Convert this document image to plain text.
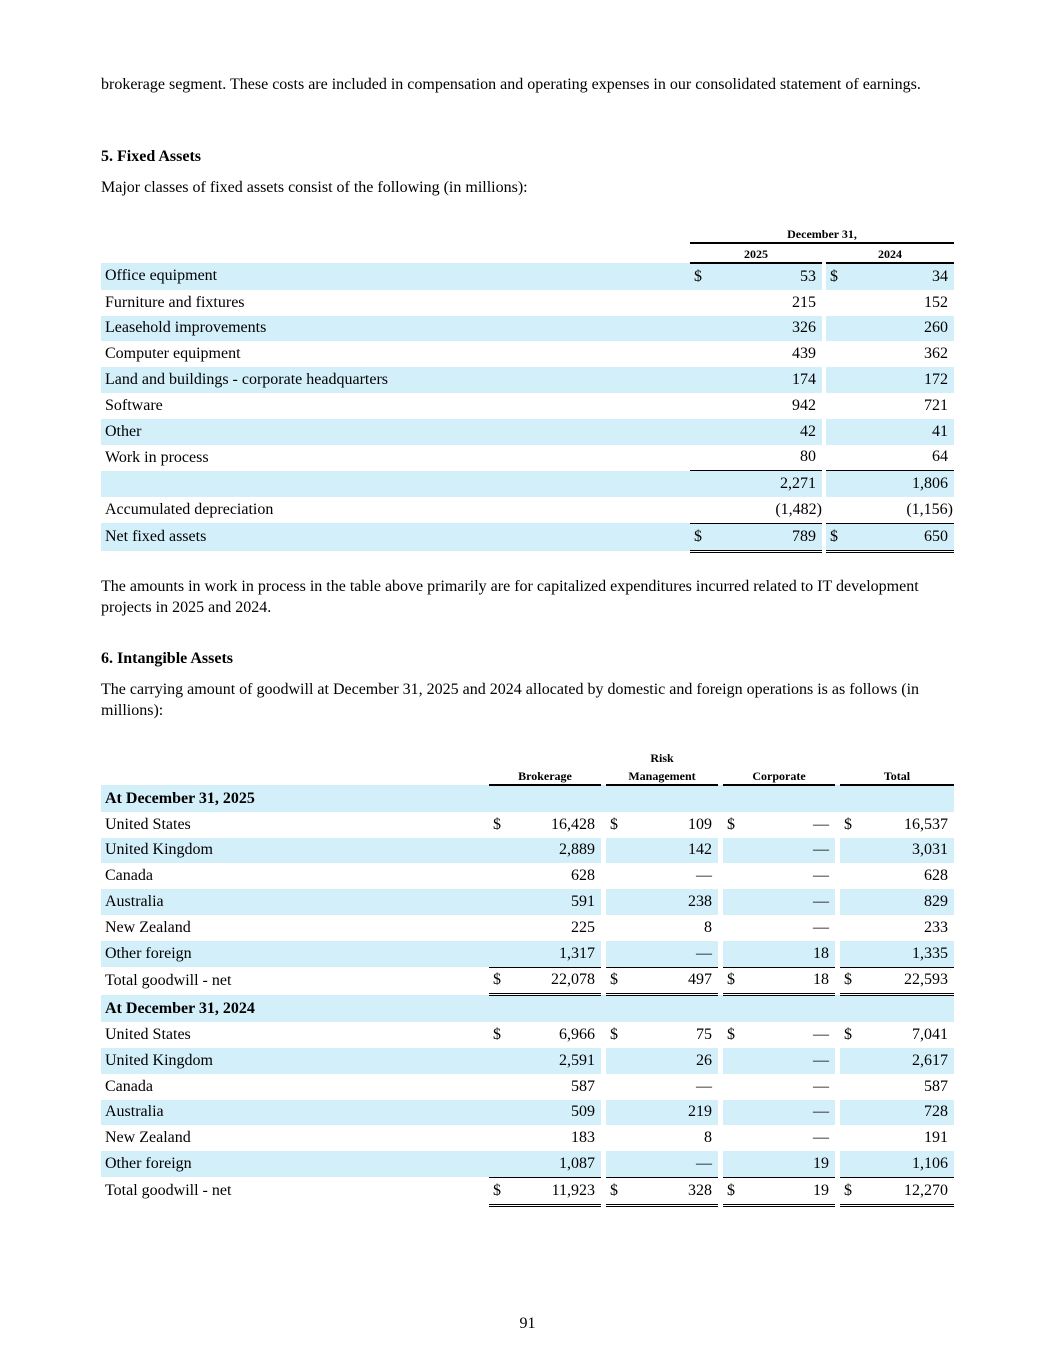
brokerage segment. These costs are included in compensation and operating expenses in our consolidated statement of earnings.

5. Fixed Assets

Major classes of fixed assets consist of the following (in millions):

	December 31,				
	2025			2024	
Office equipment	$	53		$	34
Furniture and fixtures		215			152
Leasehold improvements		326			260
Computer equipment		439			362
Land and buildings - corporate headquarters		174			172
Software		942			721
Other		42			41
Work in process		80			64
		2,271			1,806
Accumulated depreciation		(1,482)			(1,156)
Net fixed assets	$	789		$	650

The amounts in work in process in the table above primarily are for capitalized expenditures incurred related to IT development projects in 2025 and 2024.

6. Intangible Assets

The carrying amount of goodwill at December 31, 2025 and 2024 allocated by domestic and foreign operations is as follows (in millions):

				Risk							
	Brokerage			Management			Corporate			Total	
At December 31, 2025											
United States	$	16,428		$	109		$	—		$	16,537
United Kingdom		2,889			142			—			3,031
Canada		628			—			—			628
Australia		591			238			—			829
New Zealand		225			8			—			233
Other foreign		1,317			—			18			1,335
Total goodwill - net	$	22,078		$	497		$	18		$	22,593
At December 31, 2024											
United States	$	6,966		$	75		$	—		$	7,041
United Kingdom		2,591			26			—			2,617
Canada		587			—			—			587
Australia		509			219			—			728
New Zealand		183			8			—			191
Other foreign		1,087			—			19			1,106
Total goodwill - net	$	11,923		$	328		$	19		$	12,270
91
